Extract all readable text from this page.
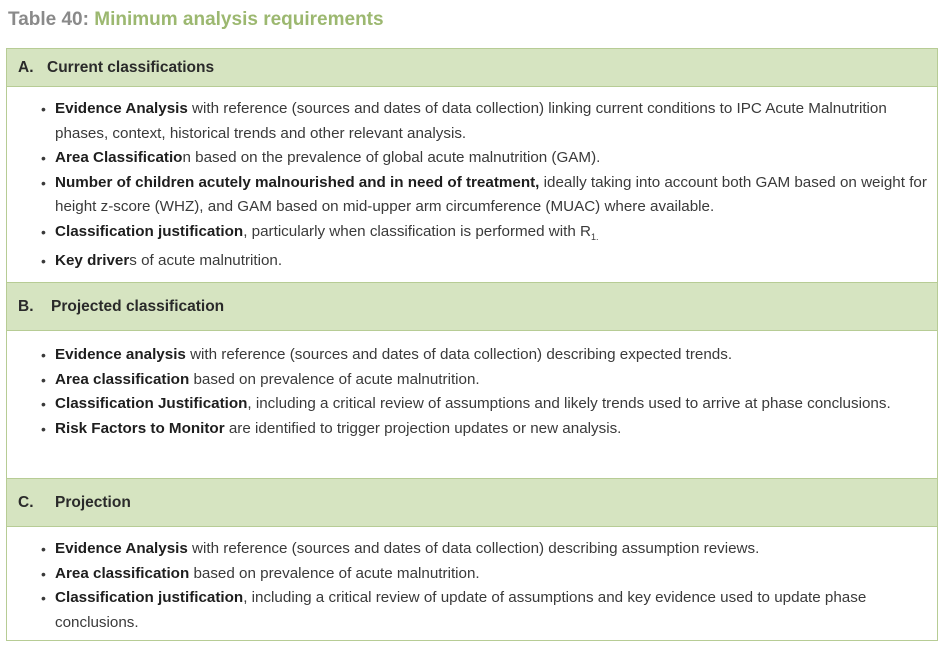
Table 40: Minimum analysis requirements
A. Current classifications
• Evidence Analysis with reference (sources and dates of data collection) linking current conditions to IPC Acute Malnutrition phases, context, historical trends and other relevant analysis.
• Area Classification based on the prevalence of global acute malnutrition (GAM).
• Number of children acutely malnourished and in need of treatment, ideally taking into account both GAM based on weight for height z-score (WHZ), and GAM based on mid-upper arm circumference (MUAC) where available.
• Classification justification, particularly when classification is performed with $R_{1.}$
• Key drivers of acute malnutrition.
B.	Projected classification
• Evidence analysis with reference (sources and dates of data collection) describing expected trends.
• Area classification based on prevalence of acute malnutrition.
• Classification Justification, including a critical review of assumptions and likely trends used to arrive at phase conclusions.
• Risk Factors to Monitor are identified to trigger projection updates or new analysis.
C.	Projection
• Evidence Analysis with reference (sources and dates of data collection) describing assumption reviews.
• Area classification based on prevalence of acute malnutrition.
• Classification justification, including a critical review of update of assumptions and key evidence used to update phase conclusions.
